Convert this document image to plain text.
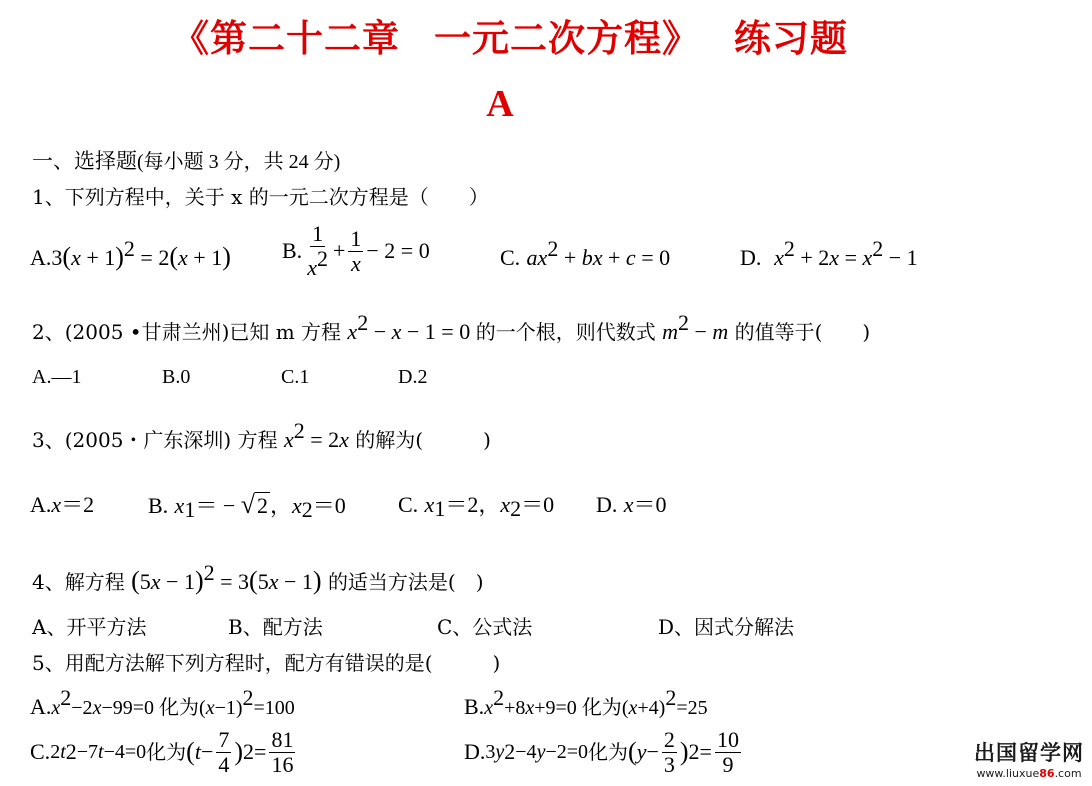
《第二十二章 一元二次方程》 练习题
A
一、选择题(每小题 3 分，共 24 分)
1、下列方程中，关于 x 的一元二次方程是（　　）
$A.3(x + 1)^2 = 2(x + 1)$ B. $\frac{1}{x^2} + \frac{1}{x} - 2 = 0$	C. $ax^2$ + bx + c = 0	D. $x^2 + 2x = x^2 - 1$
2、(2005 •甘肃兰州)已知 m 方程 $x^2 - x - 1 = 0$ 的一个根，则代数式 $m^2 - m$ 的值等于(　　)
A.—1	B.0	C.1	D.2
3、(2005・广东深圳) 方程 $x^2 = 2x$ 的解为(　　　)
A.x＝2 B. $x_1= - √2$，$x_2=0$ C. $x_1=2$，$x_2=0$ D. x＝0
4、解方程 $(5x - 1)^2 = 3(5x - 1)$ 的适当方法是(　)
A、开平方法	B、配方法	C、公式法	D、因式分解法
5、用配方法解下列方程时，配方有错误的是(　　　)
$A.x^2-2x-99=0$ 化为$(x-1)^2=100$	$B.x^2+8x+9=0$ 化为$(x+4)^2=25$
C. 2 t 2 −7 t −4=0 化为 ( $t - \frac{7}{4}$ ) $2 = \frac{81}{16}$	D. 3 y 2 −4 y −2=0 化为 ( $y - \frac{2}{3}$ ) $2 = \frac{10}{9}$	出国留学网
www.liuxue86.com
